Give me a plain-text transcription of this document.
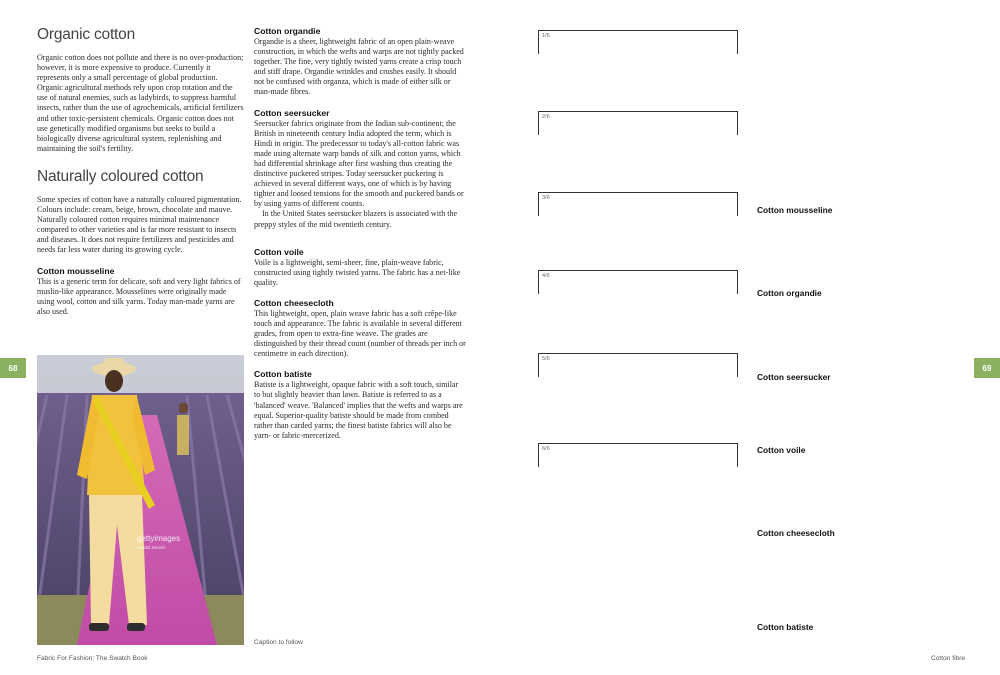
Organic cotton

Organic cotton does not pollute and there is no over-production; however, it is more expensive to produce. Currently it represents only a small percentage of global production. Organic agricultural methods rely upon crop rotation and the use of natural enemies, such as ladybirds, to suppress harmful insects, rather than the use of agrochemicals, artificial fertilizers and other toxic-persistent chemicals. Organic cotton does not use genetically modified organisms but seeks to build a biologically diverse agricultural system, replenishing and maintaining the soil's fertility.

Naturally coloured cotton

Some species of cotton have a naturally coloured pigmentation. Colours include: cream, beige, brown, chocolate and mauve. Naturally coloured cotton requires minimal maintenance compared to other varieties and is far more resistant to insects and diseases. It does not require fertilizers and pesticides and needs far less water during its growing cycle.

Cotton mousseline

This is a generic term for delicate, soft and very light fabrics of muslin-like appearance. Mousselines were originally made using wool, cotton and silk yarns. Today man-made yarns are also used.

Cotton organdie

Organdie is a sheer, lightweight fabric of an open plain-weave construction, in which the wefts and warps are not tightly packed together. The fine, very tightly twisted yarns create a crisp touch and stiff drape. Organdie wrinkles and crushes easily. It should not be confused with organza, which is made of either silk or man-made fibres.

Cotton seersucker

Seersucker fabrics originate from the Indian sub-continent; the British in nineteenth century India adopted the term, which is Hindi in origin. The predecessor to today's all-cotton fabric was made using alternate warp bands of silk and cotton yarns, which had differential shrinkage after first washing thus creating the distinctive puckered stripes. Today seersucker puckering is achieved in several different ways, one of which is by having tighter and loosed tensions for the smooth and puckered bands or by using yarns of different counts.

In the United States seersucker blazers is associated with the preppy styles of the mid twentieth century.

Cotton voile

Voile is a lightweight, semi-sheer, fine, plain-weave fabric, constructed using tightly twisted yarns. The fabric has a net-like quality.

Cotton cheesecloth

This lightweight, open, plain weave fabric has a soft crêpe-like touch and appearance. The fabric is available in several different grades, from open to extra-fine weave. The grades are distinguished by their thread count (number of threads per inch or centimetre in each direction).

Cotton batiste

Batiste is a lightweight, opaque fabric with a soft touch, similar to but slightly heavier than lawn. Batiste is referred to as a 'balanced' weave. 'Balanced' implies that the wefts and warps are equal. Superior-quality batiste should be made from combed rather than carded yarns; the finest batiste fabrics will also be yarn- or fabric-mercerized.

68	69
gettyimages
Arnold Jerocki
Caption to follow
Fabric For Fashion: The Swatch Book	Cotton fibre
1/6
2/6
3/6
4/6
5/6
6/6
Cotton mousseline
Cotton organdie
Cotton seersucker
Cotton voile
Cotton cheesecloth
Cotton batiste
